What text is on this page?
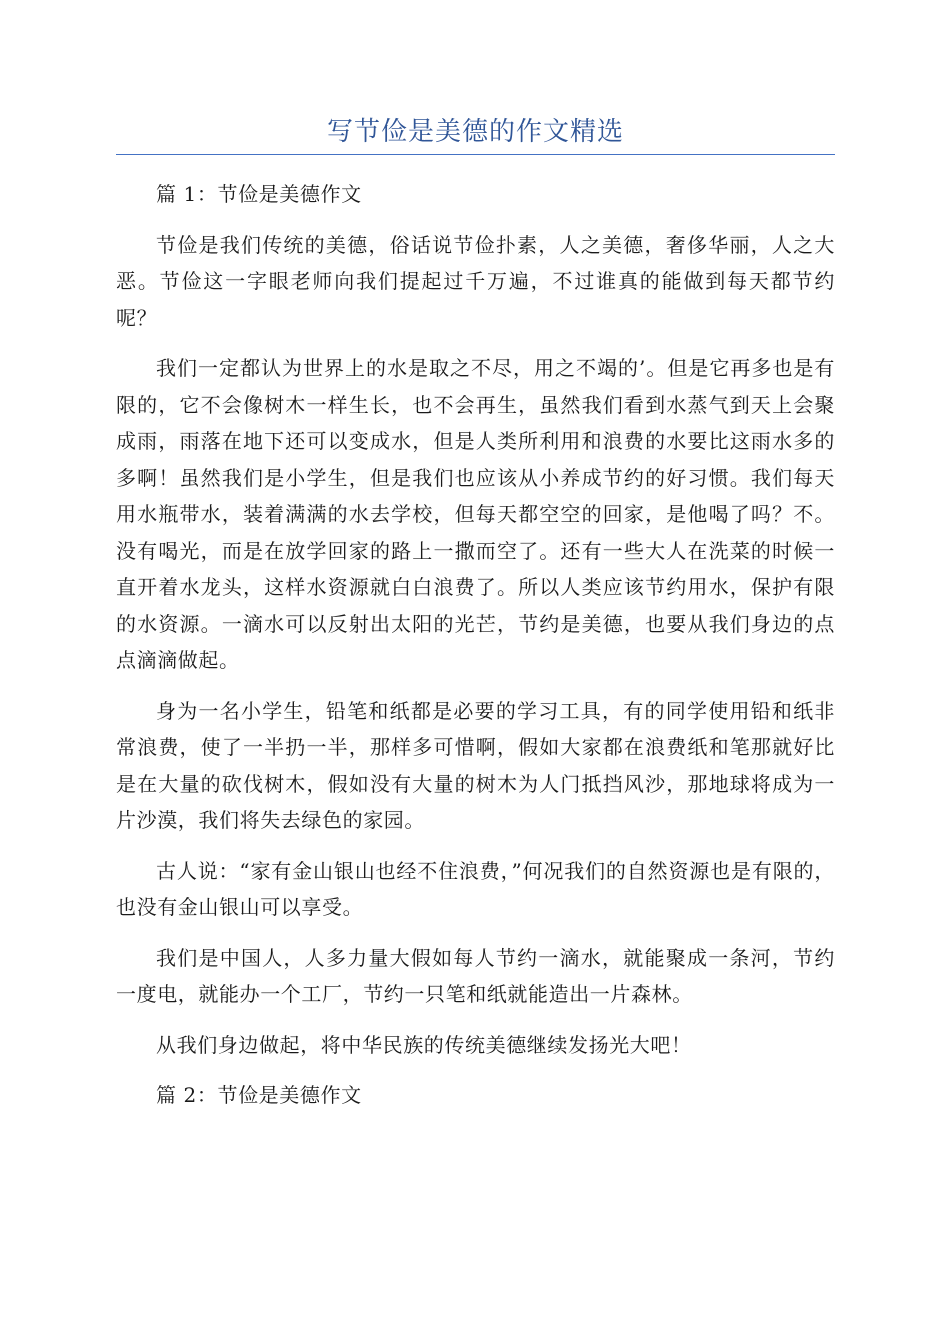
写节俭是美德的作文精选

篇 1：节俭是美德作文

节俭是我们传统的美德，俗话说节俭扑素，人之美德，奢侈华丽，人之大恶。节俭这一字眼老师向我们提起过千万遍，不过谁真的能做到每天都节约呢？

我们一定都认为世界上的水是取之不尽，用之不竭的’。但是它再多也是有限的，它不会像树木一样生长，也不会再生，虽然我们看到水蒸气到天上会聚成雨，雨落在地下还可以变成水，但是人类所利用和浪费的水要比这雨水多的多啊！虽然我们是小学生，但是我们也应该从小养成节约的好习惯。我们每天用水瓶带水，装着满满的水去学校，但每天都空空的回家，是他喝了吗？不。没有喝光，而是在放学回家的路上一撒而空了。还有一些大人在洗菜的时候一直开着水龙头，这样水资源就白白浪费了。所以人类应该节约用水，保护有限的水资源。一滴水可以反射出太阳的光芒，节约是美德，也要从我们身边的点点滴滴做起。

身为一名小学生，铅笔和纸都是必要的学习工具，有的同学使用铅和纸非常浪费，使了一半扔一半，那样多可惜啊，假如大家都在浪费纸和笔那就好比是在大量的砍伐树木，假如没有大量的树木为人门抵挡风沙，那地球将成为一片沙漠，我们将失去绿色的家园。

古人说：“家有金山银山也经不住浪费，”何况我们的自然资源也是有限的，也没有金山银山可以享受。

我们是中国人，人多力量大假如每人节约一滴水，就能聚成一条河，节约一度电，就能办一个工厂，节约一只笔和纸就能造出一片森林。

从我们身边做起，将中华民族的传统美德继续发扬光大吧！

篇 2：节俭是美德作文
